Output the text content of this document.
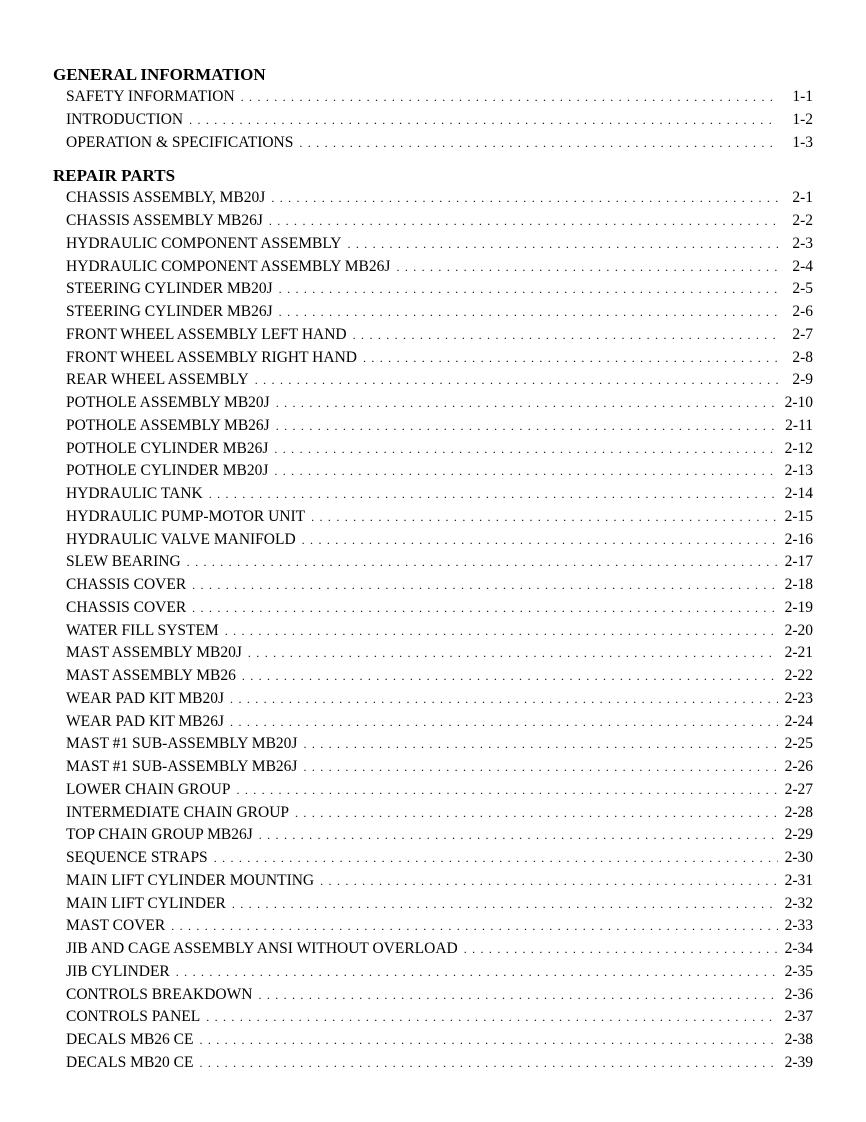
GENERAL INFORMATION
SAFETY INFORMATION . . .	1-1
INTRODUCTION . . .	1-2
OPERATION & SPECIFICATIONS . . .	1-3
REPAIR PARTS
CHASSIS ASSEMBLY, MB20J . . .	2-1
CHASSIS ASSEMBLY MB26J . . .	2-2
HYDRAULIC COMPONENT ASSEMBLY . . .	2-3
HYDRAULIC COMPONENT ASSEMBLY MB26J . . .	2-4
STEERING CYLINDER MB20J . . .	2-5
STEERING CYLINDER MB26J . . .	2-6
FRONT WHEEL ASSEMBLY LEFT HAND . . .	2-7
FRONT WHEEL ASSEMBLY RIGHT HAND . . .	2-8
REAR WHEEL ASSEMBLY . . .	2-9
POTHOLE ASSEMBLY MB20J . . .	2-10
POTHOLE ASSEMBLY MB26J . . .	2-11
POTHOLE CYLINDER MB26J . . .	2-12
POTHOLE CYLINDER MB20J . . .	2-13
HYDRAULIC TANK . . .	2-14
HYDRAULIC PUMP-MOTOR UNIT . . .	2-15
HYDRAULIC VALVE MANIFOLD . . .	2-16
SLEW BEARING . . .	2-17
CHASSIS COVER . . .	2-18
CHASSIS COVER . . .	2-19
WATER FILL SYSTEM . . .	2-20
MAST ASSEMBLY MB20J . . .	2-21
MAST ASSEMBLY MB26 . . .	2-22
WEAR PAD KIT MB20J . . .	2-23
WEAR PAD KIT MB26J . . .	2-24
MAST #1 SUB-ASSEMBLY MB20J . . .	2-25
MAST #1 SUB-ASSEMBLY MB26J . . .	2-26
LOWER CHAIN GROUP . . .	2-27
INTERMEDIATE CHAIN GROUP . . .	2-28
TOP CHAIN GROUP MB26J . . .	2-29
SEQUENCE STRAPS . . .	2-30
MAIN LIFT CYLINDER MOUNTING . . .	2-31
MAIN LIFT CYLINDER . . .	2-32
MAST COVER . . .	2-33
JIB AND CAGE ASSEMBLY ANSI WITHOUT OVERLOAD . . .	2-34
JIB CYLINDER . . .	2-35
CONTROLS BREAKDOWN . . .	2-36
CONTROLS PANEL . . .	2-37
DECALS MB26 CE . . .	2-38
DECALS MB20 CE . . .	2-39
